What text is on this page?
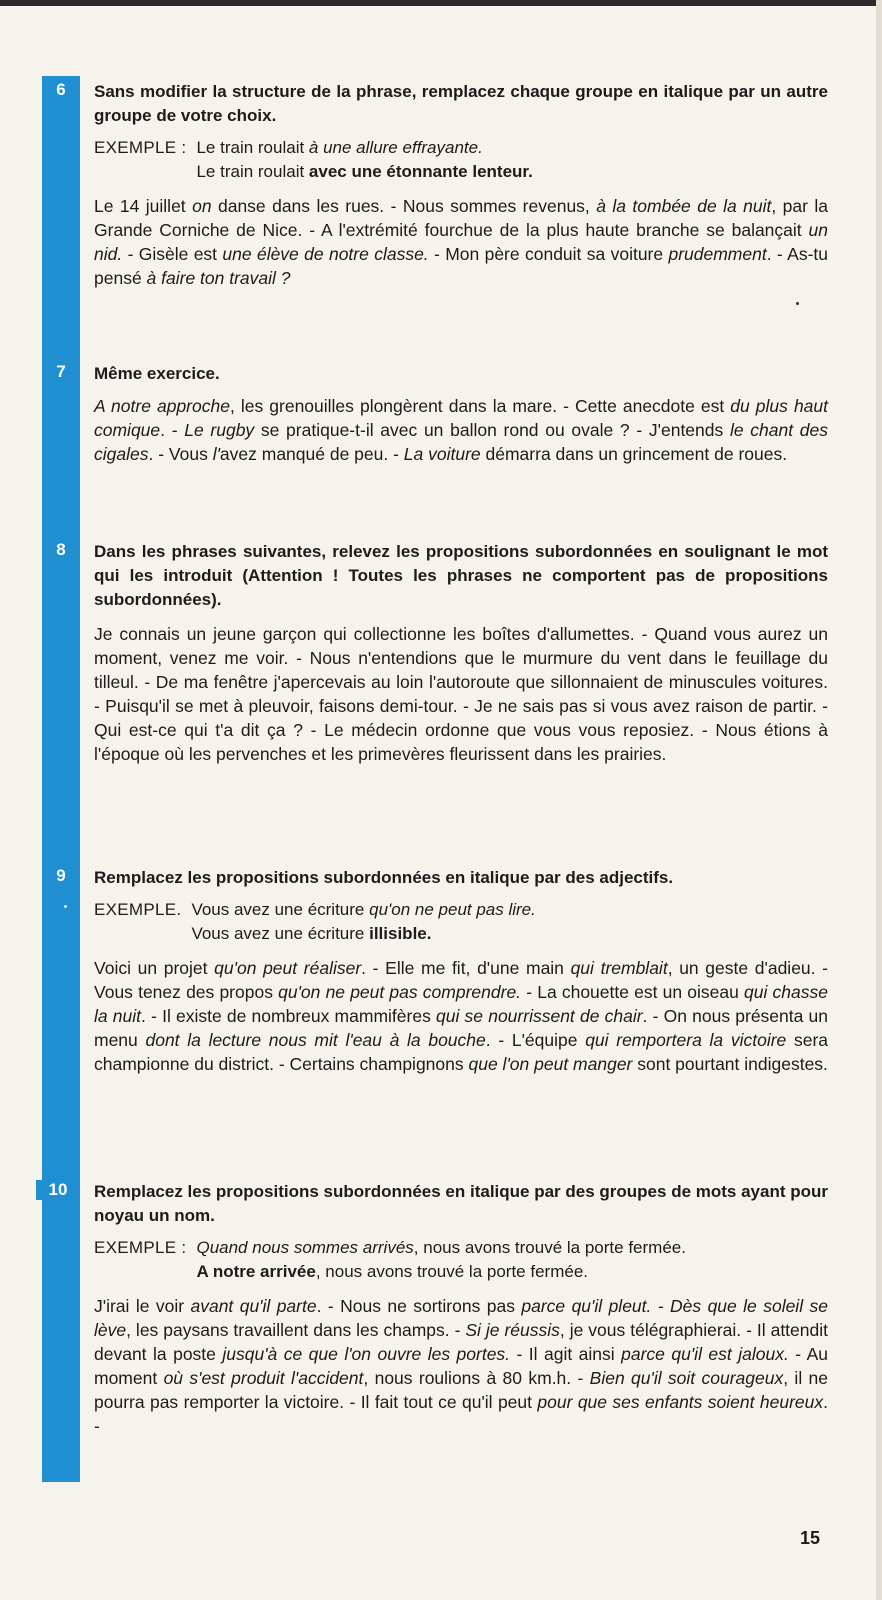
6	Sans modifier la structure de la phrase, remplacez chaque groupe en italique par un autre groupe de votre choix.

EXEMPLE : Le train roulait à une allure effrayante.
Le train roulait avec une étonnante lenteur.

Le 14 juillet on danse dans les rues. - Nous sommes revenus, à la tombée de la nuit, par la Grande Corniche de Nice. - A l'extrémité fourchue de la plus haute branche se balançait un nid. - Gisèle est une élève de notre classe. - Mon père conduit sa voiture prudemment. - As-tu pensé à faire ton travail ?

7	Même exercice.

A notre approche, les grenouilles plongèrent dans la mare. - Cette anecdote est du plus haut comique. - Le rugby se pratique-t-il avec un ballon rond ou ovale ? - J'entends le chant des cigales. - Vous l'avez manqué de peu. - La voiture démarra dans un grincement de roues.

8	Dans les phrases suivantes, relevez les propositions subordonnées en soulignant le mot qui les introduit (Attention ! Toutes les phrases ne comportent pas de propositions subordonnées).

Je connais un jeune garçon qui collectionne les boîtes d'allumettes. - Quand vous aurez un moment, venez me voir. - Nous n'entendions que le murmure du vent dans le feuillage du tilleul. - De ma fenêtre j'apercevais au loin l'autoroute que sillonnaient de minuscules voitures. - Puisqu'il se met à pleuvoir, faisons demi-tour. - Je ne sais pas si vous avez raison de partir. - Qui est-ce qui t'a dit ça ? - Le médecin ordonne que vous vous reposiez. - Nous étions à l'époque où les pervenches et les primevères fleurissent dans les prairies.

9	Remplacez les propositions subordonnées en italique par des adjectifs.

EXEMPLE. Vous avez une écriture qu'on ne peut pas lire.
Vous avez une écriture illisible.

Voici un projet qu'on peut réaliser. - Elle me fit, d'une main qui tremblait, un geste d'adieu. - Vous tenez des propos qu'on ne peut pas comprendre. - La chouette est un oiseau qui chasse la nuit. - Il existe de nombreux mammifères qui se nourrissent de chair. - On nous présenta un menu dont la lecture nous mit l'eau à la bouche. - L'équipe qui remportera la victoire sera championne du district. - Certains champignons que l'on peut manger sont pourtant indigestes.

10	Remplacez les propositions subordonnées en italique par des groupes de mots ayant pour noyau un nom.

EXEMPLE : Quand nous sommes arrivés, nous avons trouvé la porte fermée.
A notre arrivée, nous avons trouvé la porte fermée.

J'irai le voir avant qu'il parte. - Nous ne sortirons pas parce qu'il pleut. - Dès que le soleil se lève, les paysans travaillent dans les champs. - Si je réussis, je vous télégraphierai. - Il attendit devant la poste jusqu'à ce que l'on ouvre les portes. - Il agit ainsi parce qu'il est jaloux. - Au moment où s'est produit l'accident, nous roulions à 80 km.h. - Bien qu'il soit courageux, il ne pourra pas remporter la victoire. - Il fait tout ce qu'il peut pour que ses enfants soient heureux. -

15
